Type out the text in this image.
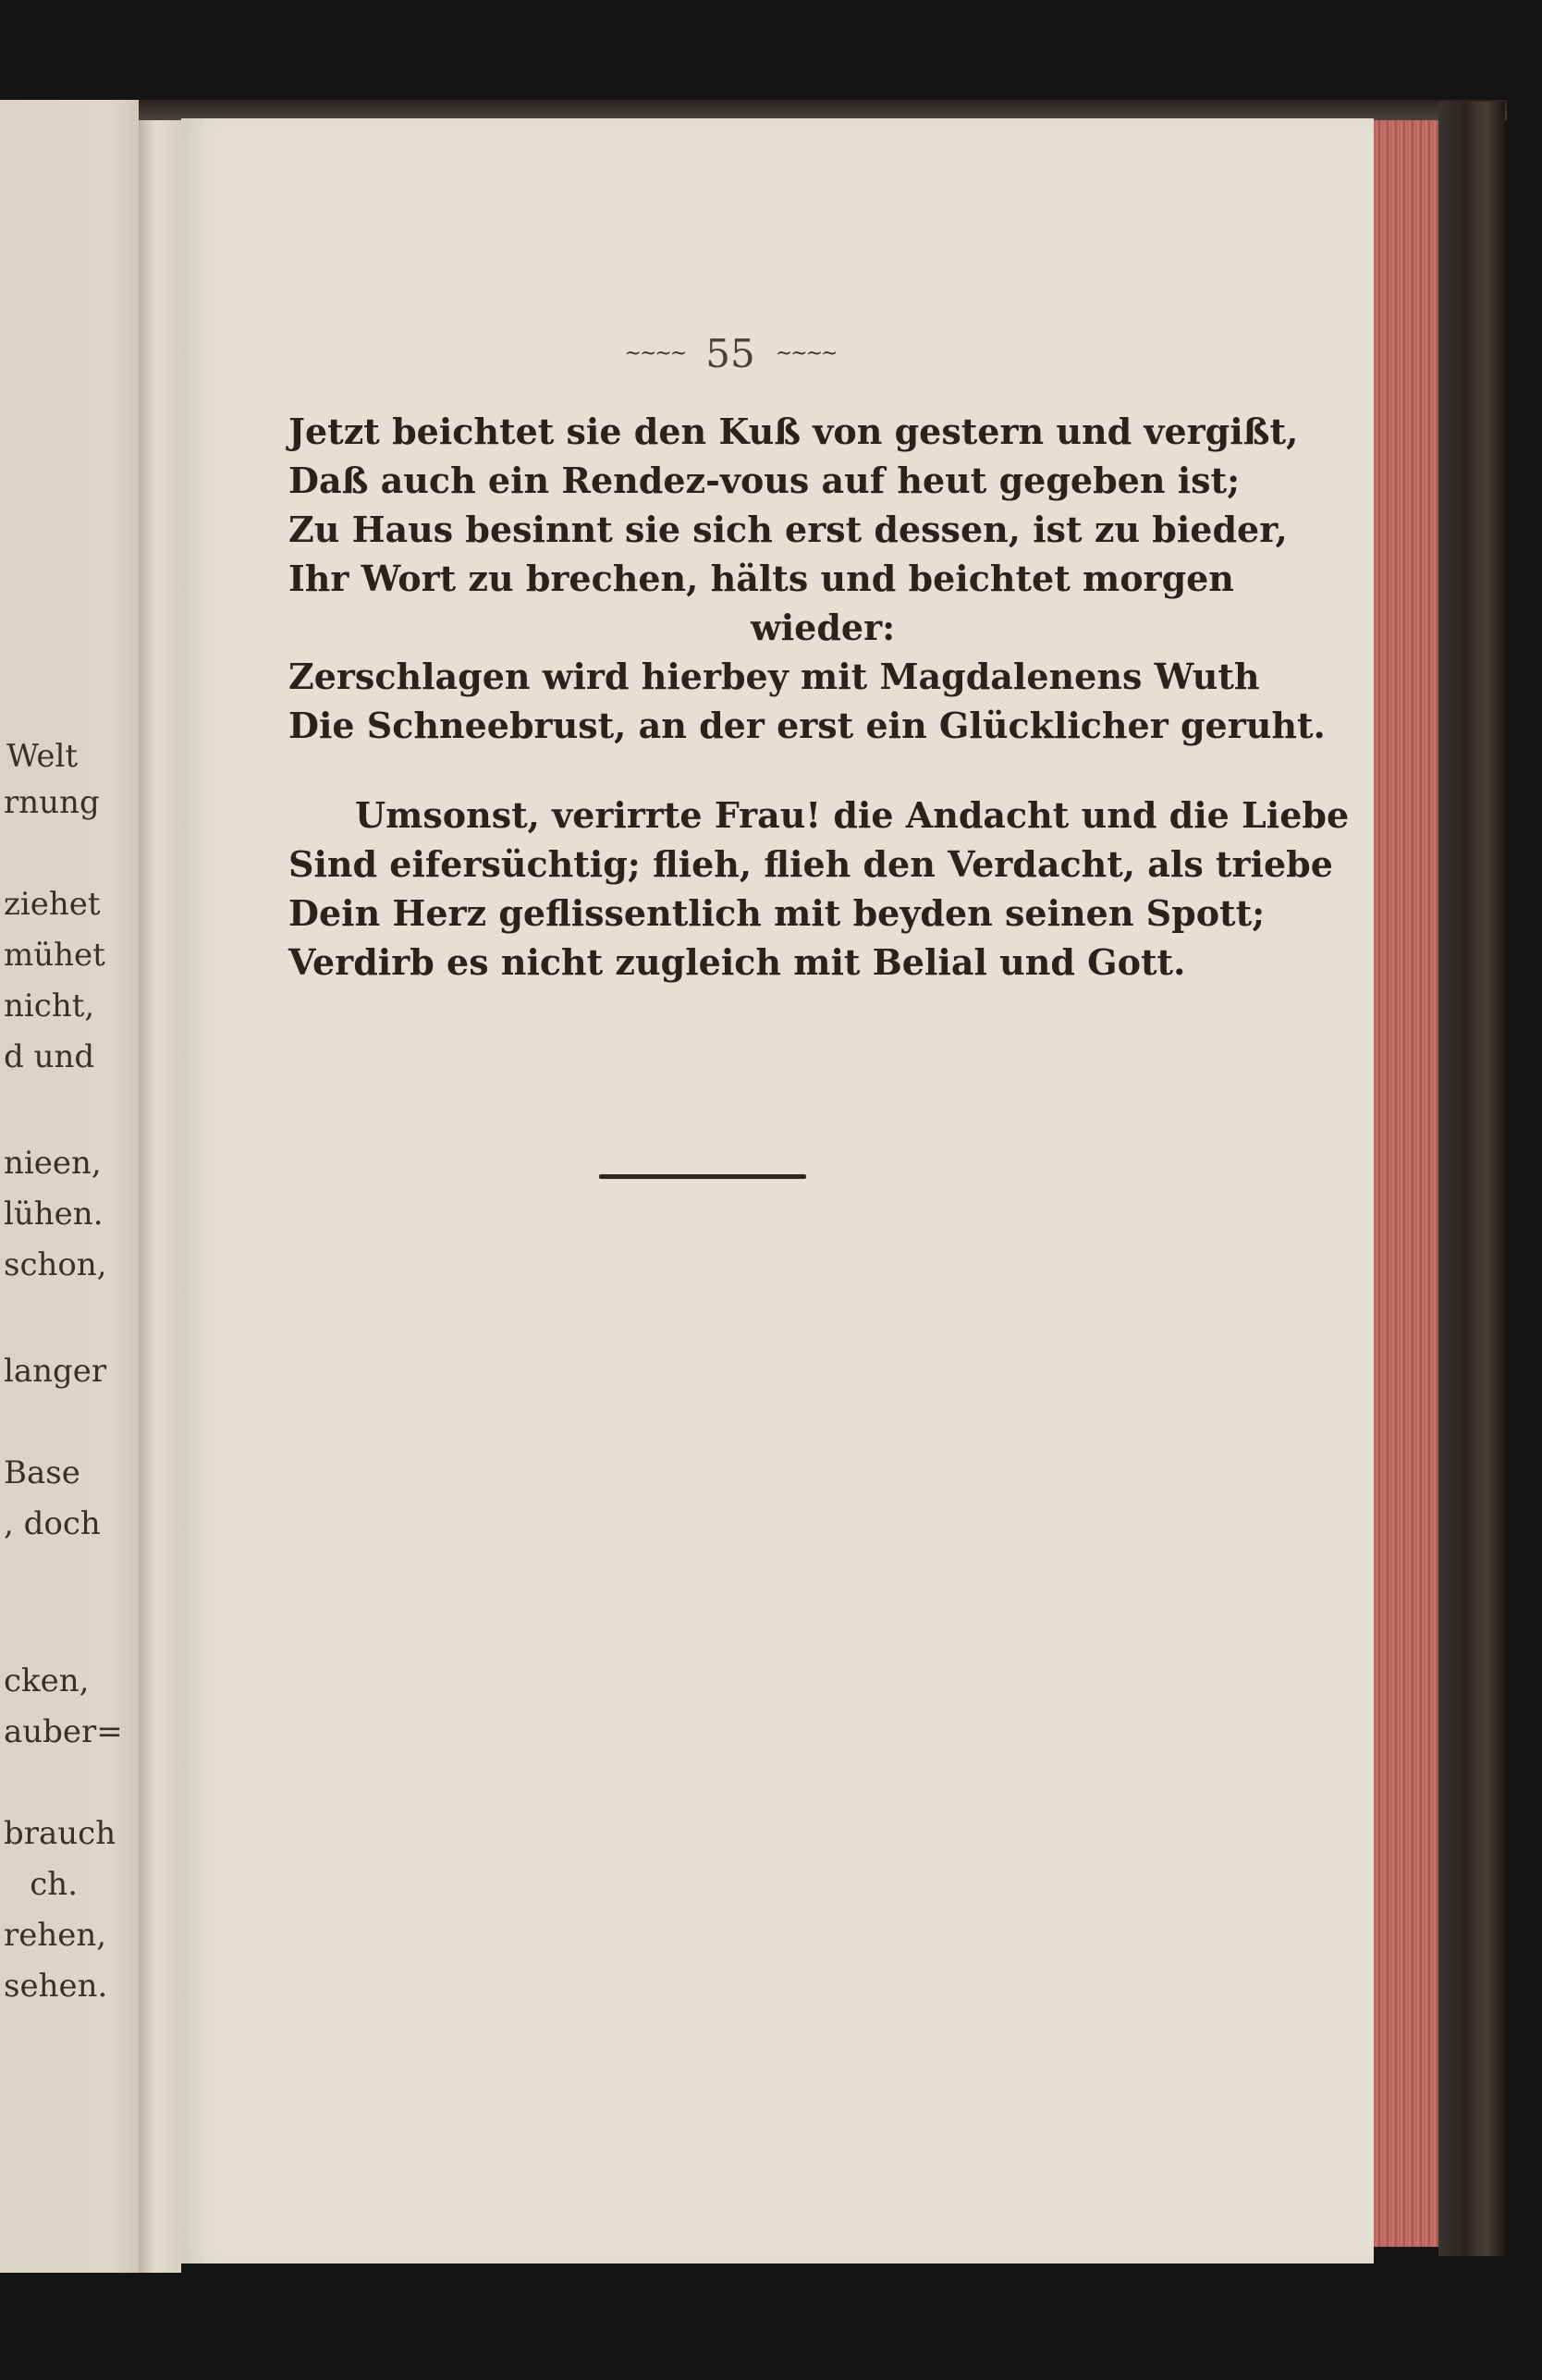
Welt
rnung
ziehet
mühet
nicht,
d und
nieen,
lühen.
schon,
langer
Base
, doch
cken,
auber=
brauch
ch.
rehen,
sehen.
~~~~ 55 ~~~~
Jetzt beichtet sie den Kuß von gestern und vergißt,
Daß auch ein Rendez-vous auf heut gegeben ist;
Zu Haus besinnt sie sich erst dessen, ist zu bieder,
Ihr Wort zu brechen, hälts und beichtet morgen
wieder:
Zerschlagen wird hierbey mit Magdalenens Wuth
Die Schneebrust, an der erst ein Glücklicher geruht.
Umsonst, verirrte Frau! die Andacht und die Liebe
Sind eifersüchtig; flieh, flieh den Verdacht, als triebe
Dein Herz geflissentlich mit beyden seinen Spott;
Verdirb es nicht zugleich mit Belial und Gott.
